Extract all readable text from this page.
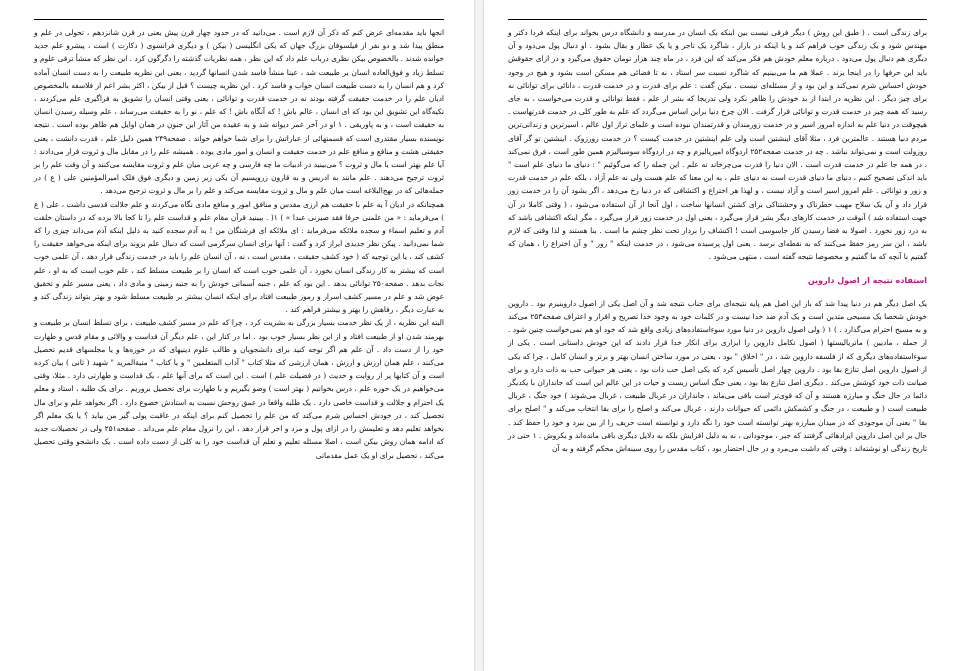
انجها باید مقدمه‌ای عرض کنم که ذکر آن لازم است . می‌دانید که در حدود چهار قرن پیش یعنی در قرن شانزدهم ، تحولی در علم و منطق پیدا شد و دو نفر از فیلسوفان بزرگ جهان که یکی انگلیسی ( بیکن ) و دیگری فرانسوی ( دکارت ) است ، پیشرو علم جدید خوانده شدند . بالخصوص بیکن نظری درباب علم داد که این نظر ، همه نظریات گذشته را دگرگون کرد . این نظر که منشأ ترقی علوم و تسلط زیاد و فوق‌العاده انسان بر طبیعت شد ، عینا منشأ فاسد شدن انسانها گردید ، یعنی این نظریه طبیعت را به دست انسان آماده کرد و هم انسان را به دست طبیعت انسان خواب و فاسد کرد . این نظریه چیست ؟ قبل از بیکن ، اکثر بشر اعم از فلاسفه بالمخصوص ادیان علم را در خدمت حقیقت گرفته بودند نه در خدمت قدرت و توانائی ، یعنی وقتی انسان را تشویق به فراگیری علم می‌کردند ، تکیه‌گاه این تشویق این بود که ای انسان ، عالم باش ! که آنگاه باش ! که علم ، نو را به حقیقت می‌رساند ، علم وسیله رسیدن انسان به حقیقت است ، و به پاوریقی . ۱ او در آخر عمر دیوانه شد و به عقیده من آثار این جنون در همان اوایل هم ظاهر بوده است . نتیجه نویسنده بسیار مقتدری است که قسمتهائی از عباراتش را برای شما خواهم خواند . صفحه۲۴۹ همین دلیل علم ، قدرت دانشت ، یعنی حقیقتی هشت و منافع و منافع علم در خدمت حقیقت و انسان و امور مادی بوده . همیشه علم را در مقابل مال و ثروت قرار می‌دادند : آیا علم بهتر است یا مال و ثروت ؟ می‌بینید در ادبیات ما چه فارسی و چه عربی میان علم و ثروت مقایسه می‌کنند و آن وقت علم را بر ثروت ترجیح می‌دهند . علم مانند به ادریس و به قارون زروپسیم آن یکی زیر زمین و دیگری فوق فلک امیرالمؤمنین علی ( ع ) در جمله‌هائی که در نهج‌البلاغه است میان علم و مال و ثروت مقایسه می‌کند و علم را بر مال و ثروت ترجیح می‌دهد .

همچنانکه در ادیان آ یه علم با حقیقت هم ارزی مقدس و منافق امور و منافع مادی نگاه می‌کردند و علم جلالت قدسی داشت ، علی ( ع ) می‌فرماید : « من علمنی حرفا فقد صیرنی عبدا » ) ۱( . ببینید قرآن مقام علم و قداست علم را تا کجا بالا برده که در داستان خلقت آدم و تعلیم اسماء و سجده ملائکه می‌فرماید : ای ملائکه ای فرشتگان من ! به آدم سجده کنید به دلیل اینکه آدم می‌داند چیزی را که شما نمی‌دانید . پیکن نظر جدیدی ابراز کرد و گفت : آنها برای انسان سرگرمی است که دنبال علم بروند برای اینکه می‌خواهد حقیقت را کشف کند ، یا این توجیه که ( خود کشف حقیقت ، مقدس است ، نه ، آن انسان علم را باید در خدمت زندگی قرار دهد ، آن علمی خوب است که بیشتر به کار زندگی انسان بخورد ، آن علمی خوب است که انسان را بر طبیعت مسلط کند ، علم خوب است که به او ، علم نجات بدهد . صفحه۲۵۰ توانائی بدهد . این بود که علم ، جنبه آسمانی خودش را به جنبه زمینی و مادی داد ، یعنی مسیر علم و تحقیق عوض شد و علم در مسیر کشف اسرار و رموز طبیعت افتاد برای اینکه انسان بیشتر بر طبیعت مسلط شود و بهتر بتواند زندگی کند و به عبارت دیگر ، رفاهش را بهتر و بیشتر فراهم کند .

البته این نظریه ، از یک نظر خدمت بسیار بزرگی به بشریت کرد ، چرا که علم در مسیر کشف طبیعت ، برای تسلط انسان بر طبیعت و بهرمند شدن او از طبیعت افتاد و از این نظر بسیار خوب بود . اما در کنار این ، علم دیگر آن قداست و والائی و مقام قدس و طهارت خود را از دست داد . آن علم هم اگر توجه کنید برای دانشجویان و طالب علوم دینیهای که در حوزه‌ها و یا مجلسهای قدیم تحصیل می‌کنند ، علم همان ارزش و ارزش ، همان ارزشی که مثلا کتاب " آداب المتعلمین " و یا کتاب " منیةالمرید " شهید ( ثانی ) بیان کرده است و آن کتابها پر از روایت و حدیث ( در فضیلت علم ) است . این است که برای آنها علم ، یک قداست و طهارتی دارد . مثلا، وقتی می‌خواهیم در یک حوزه علم ، درس بخوانیم ( بهتر است ) وضو بگیریم و با طهارت برای تحصیل بروریم . برای یک طلبه ، استاد و معلم یک احترام و جلالت و قداست خاصی دارد . یک طلبه واقعا در عمق روحش نسبت به استادش خضوع دارد . اگر بخواهد علم و برای مال تحصیل کند ، در خودش احساس شرم می‌کند که من علم را تحصیل کنم برای اینکه در عاقبت پولی گیر من بیاید ؟ یا یک معلم اگر بخواهد تعلیم دهد و تعلیمش را در ازای پول و مزد و اجر قرار دهد ، این را نزول مقام علم می‌داند . صفحه۲۵۱ ولی در تحصیلات جدید که ادامه همان روش بیکن است ، اصلا مسئله تعلیم و تعلم آن قداست خود را به کلی از دست داده است . یک دانشجو وقتی تحصیل می‌کند ، تحصیل برای او یک عمل مقدماتی

برای زندگی است . ( طبق این روش ) دیگر فرقی نیست بین اینکه یک انسان در مدرسه و دانشگاه درس بخواند برای اینکه فردا دکتر و مهندس شود و یک زندگی خوب فراهم کند و یا اینکه در بازار ، شاگرد یک تاجر و یا یک عطار و بقال بشود . او دنبال پول می‌دود و آن دیگری هم دنبال پول می‌دود . درباره معلم خودش هم فکر می‌کند که این فرد ، در ماه چند هزار تومان حقوق می‌گیرد و در ازای حقوقش باید این حرفها را در اینجا بزند . عملا هم ما می‌بینیم که شاگرد نسبت سر استاد ، نه تا فضائی هم مسکن است بشود و هیچ در وجود خودش احساس شرم نمی‌کند و این بود و از مسئله‌ای نیست . بیکن گفت : علم برای قدرت و در خدمت قدرت ، دانائی برای توانائی نه برای چیز دیگر . این نظریه در ابتدا از بد خودش را ظاهر نکرد ولی تدریجا که بشر از علم ، فقط توانائی و قدرت می‌خواست ، به جای رسید که همه چیز در خدمت قدرت و توانائی قرار گرفت . الان چرخ دنیا برابن اساس می‌گردد که علم به طور کلی در خدمت قدرتهاست . هیچوقت در دنیا علم به اندازه امروز اسیر و در خدمت زورمندان و قدرتمندان نبوده است و علمای تراز اول عالم ، اسیرترین و زندانی‌ترین مردم دنیا هستند . عالمترین فرد ، مثلا آقای اینشتین است ولی علم اینشتین در خدمت کیست ؟ در خدمت زورزوک . اینشتین تو گر آقای روزولت است و نمی‌تواند نباشد . چه در خدمت صفحه۲۵۲ اردوگاه امپریالیزم و چه در اردوگاه سوسیالیزم همین طور است ، فرق نمی‌کند ، در همه جا علم در خدمت قدرت است . الان دنیا را قدرت می‌چرخاند نه علم . این جمله را که می‌گوئیم " : دنیای ما دنیای علم است " باید اندکی تصحیح کنیم ، دنیای ما دنیای قدرت است نه دنیای علم ، به این معنا که علم هست ولی نه علم آزاد ، بلکه علم در خدمت قدرت و زور و توانائی . علم امروز اسیر است و آزاد نیست ، و لهذا هر اختراع و اکتشافی که در دنیا رخ می‌دهد ، اگر بشود آن را در خدمت زور قرار داد و آن یک سلاح مهیب خطرناک و وحشتناکی برای کشتن انسانها ساخت ، اول آنجا از آن استفاده می‌شود ، ( وقتی کاملا در آن جهت استفاده شد ) آنوقت در خدمت کارهای دیگر بشر قرار می‌گیرد ، یعنی اول در خدمت زور قرار می‌گیرد ، مگر اینکه اکتشافی باشد که به درد زور نخورد . اصولا به فضا رسیدن کار جاسوسی است ! اکتشاف را بردار تحت نظر چشم ما است . بنا هستند و لذا وقتی که لازم باشد ، این سر رمز حفظ می‌کنند که به نقطه‌ای نرسد . یعنی اول پرسیده می‌شود ، در خدمت اینکه " زور " و آن اختراع را ، همان که گفتیم با آنچه که ما گفتیم و مخصوصا نتیجه گفته است ، منتهی می‌شود .

استفاده نتیجه از اصول داروین

یک اصل دیگر هم در دنیا پیدا شد که باز این اصل هم پایه نتیجه‌ای برای جناب نتیجه شد و آن اصل یکی از اصول داروینیزم بود . داروین خودش شخصا یک مسیحی متدین است و یک آدم ضد خدا نیست و در کلمات خود به وجود خدا تصریح و اقرار و اعتراف صفحه۲۵۳ می‌کند و به مسیح احترام می‌گذارد . ) ۱ ( ولی اصول داروین در دنیا مورد سوءاستفاده‌های زیادی واقع شد که خود او هم نمی‌خواست چنین شود . از جمله ، مادیین ) ماتریالیستها ( اصول تکامل داروین را ابزاری برای انکار خدا قرار دادند که این خودش داستانی است . یکی از سوءاستفاده‌های دیگری که از فلسفه داروین شد ، در " اخلاق " بود ، یعنی در مورد ساختن انسان بهتر و برتر و انسان کامل ، چرا که یکی از اصول داروین اصل تنازع بقا بود . داروین چهار اصل تأسیس کرد که یکی اصل حب ذات بود ، یعنی هر حیوانی حب به ذات دارد و برای صیانت ذات خود کوشش می‌کند . دیگری اصل تنازع بقا بود ، یعنی جنگ اساس زیست و حیات در این عالم این است که جانداران با یکدیگر دائما در حال جنگ و مبارزه هستند و آن که قوی‌تر است باقی می‌ماند ، جانداران در غربال طبیعت ، غربال می‌شوند ) خود جنگ ، غربال طبیعت است ( و طبیعت ، در جنگ و کشمکش دائمی که حیوانات دارند ، غربال می‌کند و اصلح را برای بقا انتخاب می‌کند و " اصلح برای بقا " یعنی آن موجودی که در میدان مبارزه بهتر توانسته است خود را نگه دارد و توانسته است حریف را از بین ببرد و خود را حفظ کند . حال بر این اصل داروین ایرادهائی گرفتند که جبر ، موجوداتی ، نه به دلیل افزایش بلکه به دلایل دیگری باقی مانده‌اند و یکروش . ۱ حتی در تاریخ زندگی او نوشته‌اند : وقتی که داشت می‌مرد و در حال احتضار بود ، کتاب مقدس را روی سینه‌اش محکم گرفته و به آن
